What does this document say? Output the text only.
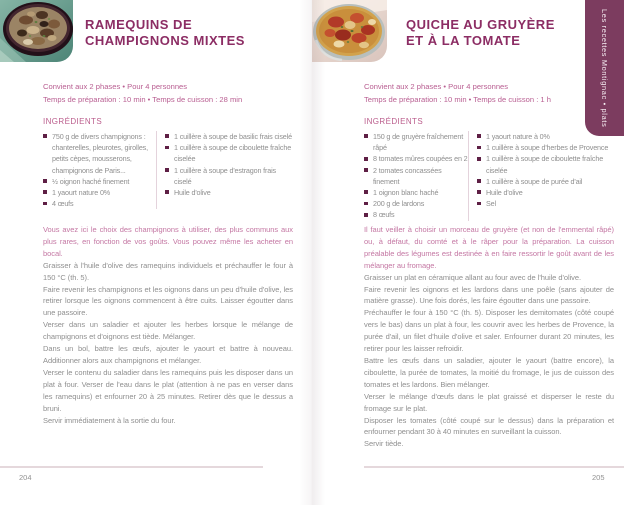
RAMEQUINS DE
CHAMPIGNONS MIXTES
Convient aux 2 phases • Pour 4 personnes
Temps de préparation : 10 min • Temps de cuisson : 28 min
INGRÉDIENTS
750 g de divers champignons : chanterelles, pleurotes, girolles, petits cèpes, mousserons, champignons de Paris...
½ oignon haché finement
1 yaourt nature 0%
4 œufs
1 cuillère à soupe de basilic frais ciselé
1 cuillère à soupe de ciboulette fraîche ciselée
1 cuillère à soupe d'estragon frais ciselé
Huile d'olive

Vous avez ici le choix des champignons à utiliser, des plus communs aux plus rares, en fonction de vos goûts. Vous pouvez même les acheter en bocal.

Graisser à l'huile d'olive des ramequins individuels et préchauffer le four à 150 °C (th. 5).
Faire revenir les champignons et les oignons dans un peu d'huile d'olive, les retirer lorsque les oignons commencent à être cuits. Laisser égoutter dans une passoire.
Verser dans un saladier et ajouter les herbes lorsque le mélange de champignons et d'oignons est tiède. Mélanger.
Dans un bol, battre les œufs, ajouter le yaourt et battre à nouveau. Additionner alors aux champignons et mélanger.
Verser le contenu du saladier dans les ramequins puis les disposer dans un plat à four. Verser de l'eau dans le plat (attention à ne pas en verser dans les ramequins) et enfourner 20 à 25 minutes. Retirer dès que le dessus a bruni.
Servir immédiatement à la sortie du four.
204
QUICHE AU GRUYÈRE
ET À LA TOMATE
Convient aux 2 phases • Pour 4 personnes
Temps de préparation : 10 min • Temps de cuisson : 1 h
INGRÉDIENTS
150 g de gruyère fraîchement râpé
8 tomates mûres coupées en 2
2 tomates concassées finement
1 oignon blanc haché
200 g de lardons
8 œufs
1 yaourt nature à 0%
1 cuillère à soupe d'herbes de Provence
1 cuillère à soupe de ciboulette fraîche ciselée
1 cuillère à soupe de purée d'ail
Huile d'olive
Sel

Il faut veiller à choisir un morceau de gruyère (et non de l'emmental râpé) ou, à défaut, du comté et à le râper pour la préparation. La cuisson préalable des légumes est destinée à en faire ressortir le goût avant de les mélanger au fromage.

Graisser un plat en céramique allant au four avec de l'huile d'olive.
Faire revenir les oignons et les lardons dans une poêle (sans ajouter de matière grasse). Une fois dorés, les faire égoutter dans une passoire.
Préchauffer le four à 150 °C (th. 5). Disposer les demitomates (côté coupé vers le bas) dans un plat à four, les couvrir avec les herbes de Provence, la purée d'ail, un filet d'huile d'olive et saler. Enfourner durant 20 minutes, les retirer pour les laisser refroidir.
Battre les œufs dans un saladier, ajouter le yaourt (battre encore), la ciboulette, la purée de tomates, la moitié du fromage, le jus de cuisson des tomates et les lardons. Bien mélanger.
Verser le mélange d'œufs dans le plat graissé et disperser le reste du fromage sur le plat.
Disposer les tomates (côté coupé sur le dessus) dans la préparation et enfourner pendant 30 à 40 minutes en surveillant la cuisson.
Servir tiède.
205
Les recettes Montignac • plats
